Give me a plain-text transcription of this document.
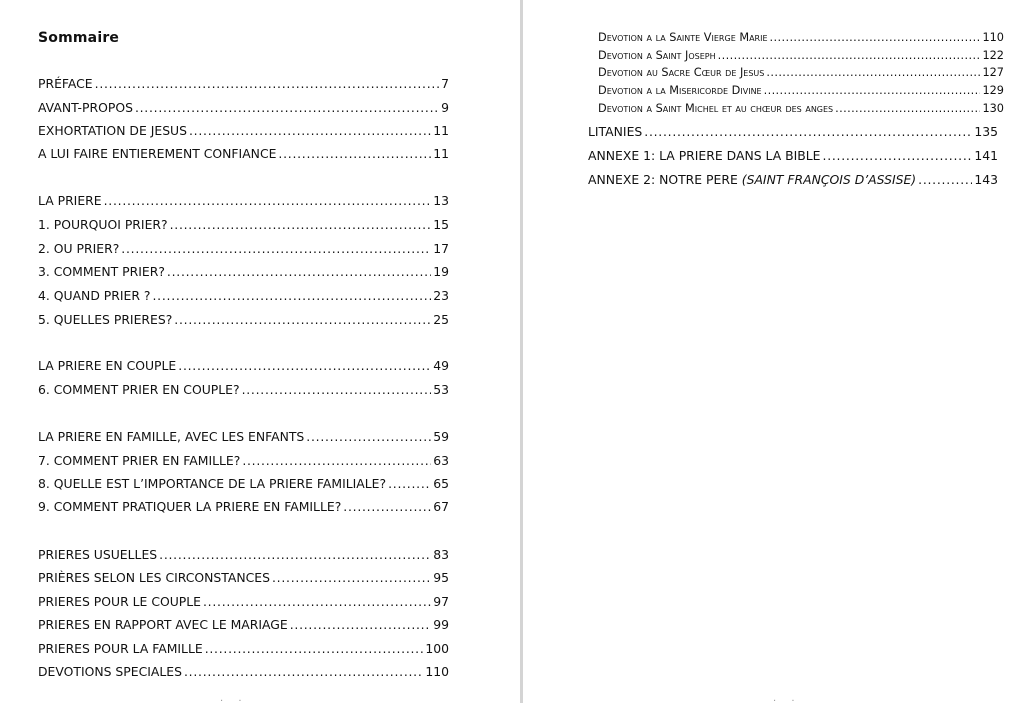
Sommaire
PRÉFACE . . .	7
AVANT-PROPOS . . .	9
EXHORTATION DE JESUS . . .	11
A LUI FAIRE ENTIEREMENT CONFIANCE . . .	11
LA PRIERE . . .	13
1. POURQUOI PRIER? . . .	15
2. OU PRIER? . . .	17
3. COMMENT PRIER? . . .	19
4. QUAND PRIER ? . . .	23
5. QUELLES PRIERES? . . .	25
LA PRIERE EN COUPLE . . .	49
6. COMMENT PRIER EN COUPLE? . . .	53
LA PRIERE EN FAMILLE, AVEC LES ENFANTS . . .	59
7. COMMENT PRIER EN FAMILLE? . . .	63
8. QUELLE EST L’IMPORTANCE DE LA PRIERE FAMILIALE? . . .	65
9. COMMENT PRATIQUER LA PRIERE EN FAMILLE? . . .	67
PRIERES USUELLES . . .	83
PRIÈRES SELON LES CIRCONSTANCES . . .	95
PRIERES POUR LE COUPLE . . .	97
PRIERES EN RAPPORT AVEC LE MARIAGE . . .	99
PRIERES POUR LA FAMILLE . . .	100
DEVOTIONS SPECIALES . . .	110
· ·
Devotion a la Sainte Vierge Marie . . .	110
Devotion a Saint Joseph . . .	122
Devotion au Sacre Cœur de Jesus . . .	127
Devotion a la Misericorde Divine . . .	129
Devotion a Saint Michel et au chœur des anges . . .	130
LITANIES . . .	135
ANNEXE 1: LA PRIERE DANS LA BIBLE . . .	141
ANNEXE 2: NOTRE PERE (SAINT FRANÇOIS D’ASSISE) . . .	143
· ·
